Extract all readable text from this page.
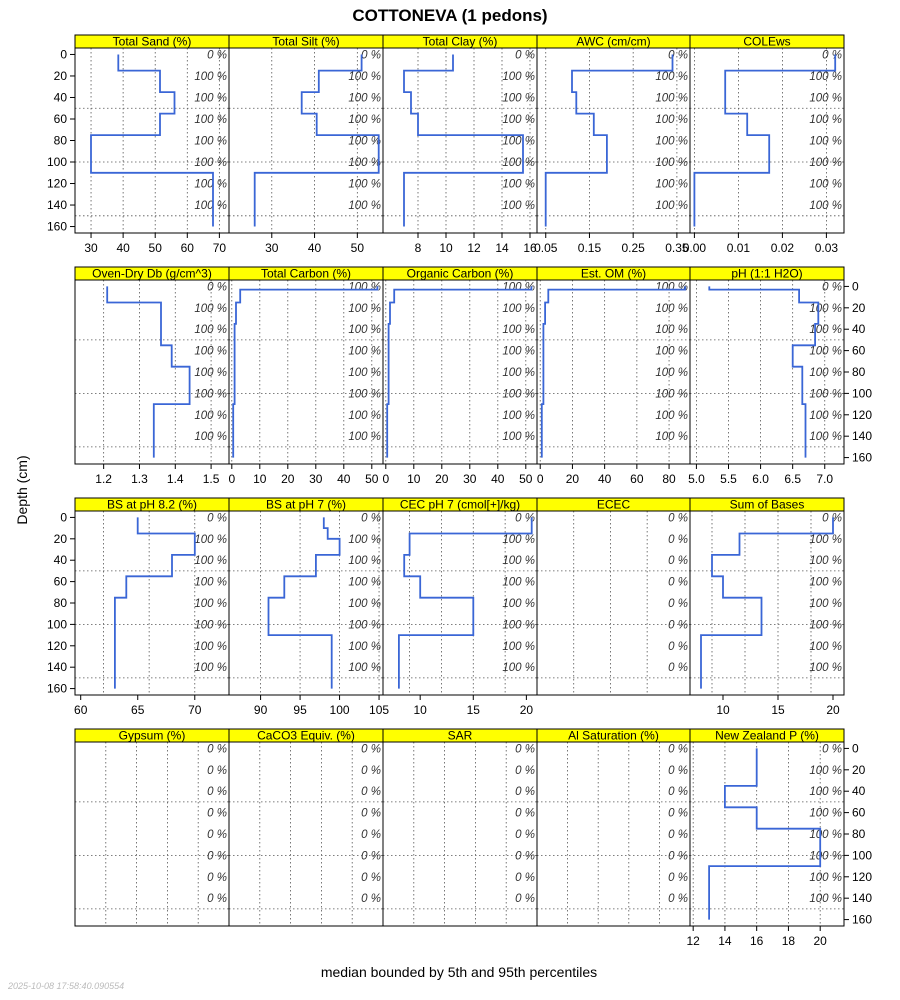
COTTONEVA (1 pedons)
Total Sand (%)
0 %
100 %
100 %
100 %
100 %
100 %
100 %
100 %
30 40 50 60 70
Total Silt (%)
0 %
100 %
100 %
100 %
100 %
100 %
100 %
100 %
30 40 50
Total Clay (%)
0 %
100 %
100 %
100 %
100 %
100 %
100 %
100 %
8 10 12 14 16
AWC (cm/cm)
0 %
100 %
100 %
100 %
100 %
100 %
100 %
100 %
0.05 0.15 0.25 0.35
COLEws
0 %
100 %
100 %
100 %
100 %
100 %
100 %
100 %
0.00 0.01 0.02 0.03
Oven-Dry Db (g/cm^3)
0 %
100 %
100 %
100 %
100 %
100 %
100 %
100 %
1.2 1.3 1.4 1.5
Total Carbon (%)
100 %
100 %
100 %
100 %
100 %
100 %
100 %
100 %
0 10 20 30 40 50
Organic Carbon (%)
100 %
100 %
100 %
100 %
100 %
100 %
100 %
100 %
0 10 20 30 40 50
Est. OM (%)
100 %
100 %
100 %
100 %
100 %
100 %
100 %
100 %
0 20 40 60 80
pH (1:1 H2O)
0 %
100 %
100 %
100 %
100 %
100 %
100 %
100 %
5.0 5.5 6.0 6.5 7.0
BS at pH 8.2 (%)
0 %
100 %
100 %
100 %
100 %
100 %
100 %
100 %
60	65	70
BS at pH 7 (%)
0 %
100 %
100 %
100 %
100 %
100 %
100 %
100 %
90 95 100 105
CEC pH 7 (cmol[+]/kg)
0 %
100 %
100 %
100 %
100 %
100 %
100 %
100 %
10	15	20
ECEC
0 %
0 %
0 %
0 %
0 %
0 %
0 %
0 %
Sum of Bases
0 %
100 %
100 %
100 %
100 %
100 %
100 %
100 %
10	15	20
Gypsum (%)
0 %
0 %
0 %
0 %
0 %
0 %
0 %
0 %
CaCO3 Equiv. (%)
0 %
0 %
0 %
0 %
0 %
0 %
0 %
0 %
SAR
0 %
0 %
0 %
0 %
0 %
0 %
0 %
0 %
Al Saturation (%)
0 %
0 %
0 %
0 %
0 %
0 %
0 %
0 %
New Zealand P (%)
0 %
100 %
100 %
100 %
100 %
100 %
100 %
100 %
12 14 16 18 20
0
20
40
60
80
100
120
140
160
0
20
40
60
80
100
120
140
160
0
20
40
60
80
100
120
140
160
0
20
40
60
80
100
120
140
160
Depth (cm)
median bounded by 5th and 95th percentiles
2025-10-08 17:58:40.090554
